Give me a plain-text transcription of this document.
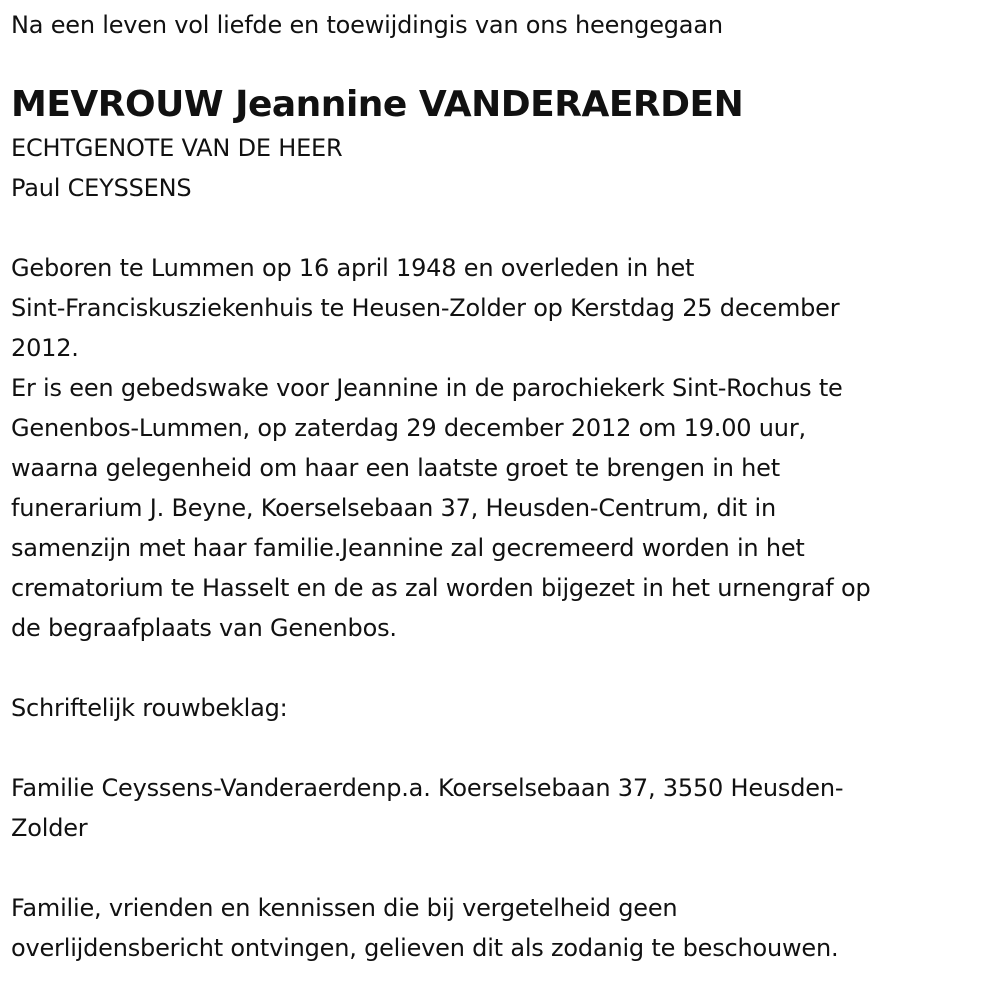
Na een leven vol liefde en toewijdingis van ons heengegaan
MEVROUW Jeannine VANDERAERDEN
ECHTGENOTE VAN DE HEER
Paul CEYSSENS
Geboren te Lummen op 16 april 1948 en overleden in het
Sint-Franciskusziekenhuis te Heusen-Zolder op Kerstdag 25 december
2012.
Er is een gebedswake voor Jeannine in de parochiekerk Sint-Rochus te
Genenbos-Lummen, op zaterdag 29 december 2012 om 19.00 uur,
waarna gelegenheid om haar een laatste groet te brengen in het
funerarium J. Beyne, Koerselsebaan 37, Heusden-Centrum, dit in
samenzijn met haar familie.Jeannine zal gecremeerd worden in het
crematorium te Hasselt en de as zal worden bijgezet in het urnengraf op
de begraafplaats van Genenbos.
Schriftelijk rouwbeklag:
Familie Ceyssens-Vanderaerdenp.a. Koerselsebaan 37, 3550 Heusden-
Zolder
Familie, vrienden en kennissen die bij vergetelheid geen
overlijdensbericht ontvingen, gelieven dit als zodanig te beschouwen.
